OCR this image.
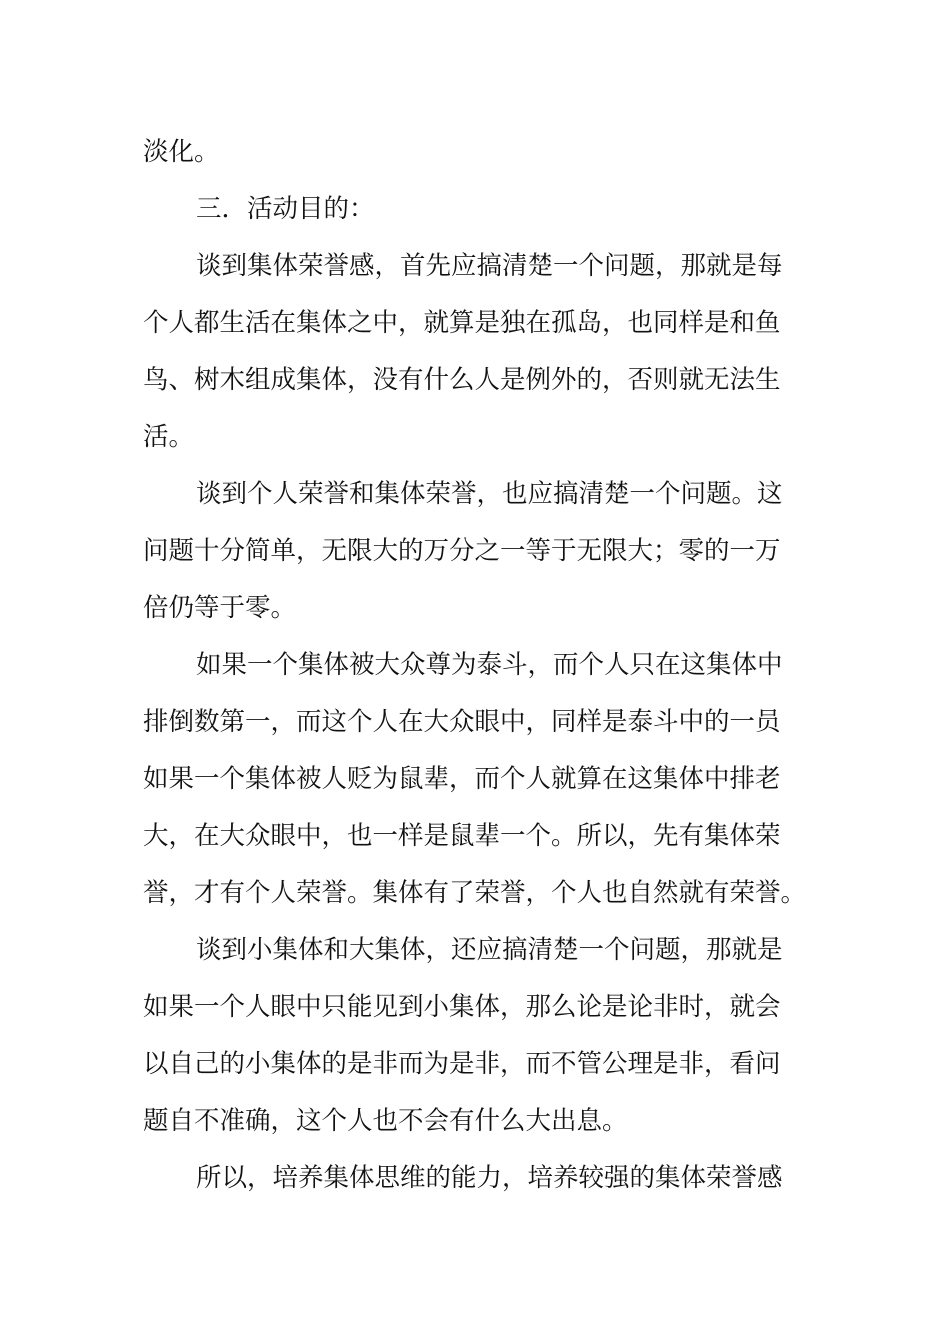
淡化。

三．活动目的：

谈到集体荣誉感，首先应搞清楚一个问题，那就是每

个人都生活在集体之中，就算是独在孤岛，也同样是和鱼

鸟、树木组成集体，没有什么人是例外的，否则就无法生

活。

谈到个人荣誉和集体荣誉，也应搞清楚一个问题。这

问题十分简单，无限大的万分之一等于无限大；零的一万

倍仍等于零。

如果一个集体被大众尊为泰斗，而个人只在这集体中

排倒数第一，而这个人在大众眼中，同样是泰斗中的一员

如果一个集体被人贬为鼠辈，而个人就算在这集体中排老

大，在大众眼中，也一样是鼠辈一个。所以，先有集体荣

誉，才有个人荣誉。集体有了荣誉，个人也自然就有荣誉。

谈到小集体和大集体，还应搞清楚一个问题，那就是

如果一个人眼中只能见到小集体，那么论是论非时，就会

以自己的小集体的是非而为是非，而不管公理是非，看问

题自不准确，这个人也不会有什么大出息。

所以，培养集体思维的能力，培养较强的集体荣誉感
